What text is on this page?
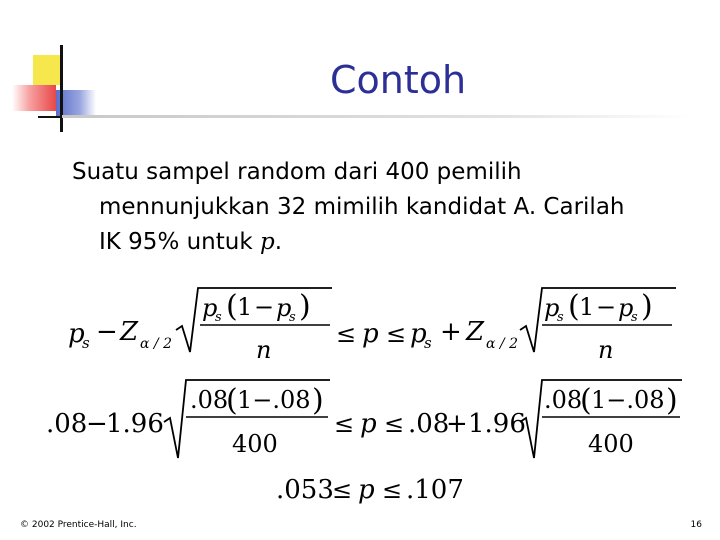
Contoh
Suatu sampel random dari 400 pemilih
mennunjukkan 32 mimilih kandidat A. Carilah
IK 95% untuk p.
p
s − Z α / 2
p
s ( 1 − p
s )
n
≤ p ≤ p
s + Z α / 2
p
s ( 1 − p
s )
n
.08
−
1.96
.08
( 1−.08 )
400
≤ p ≤ .08
+ 1.96
.08
( 1−.08 )
400
.053
≤ p ≤ .107
© 2002 Prentice-Hall, Inc.	16
